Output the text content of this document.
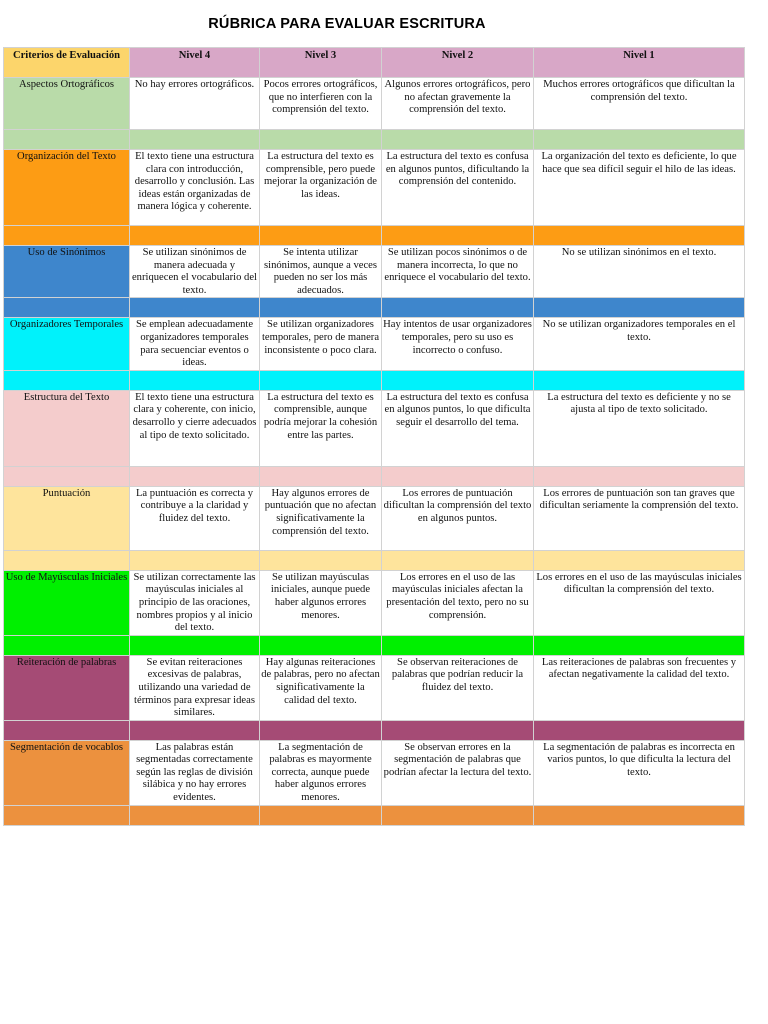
RÚBRICA PARA EVALUAR ESCRITURA
Criterios de Evaluación	Nivel 4	Nivel 3	Nivel 2	Nivel 1
Aspectos Ortográficos	No hay errores ortográficos.	Pocos errores ortográficos, que no interfieren con la comprensión del texto.	Algunos errores ortográficos, pero no afectan gravemente la comprensión del texto.	Muchos errores ortográficos que dificultan la comprensión del texto.

Organización del Texto	El texto tiene una estructura clara con introducción, desarrollo y conclusión. Las ideas están organizadas de manera lógica y coherente.	La estructura del texto es comprensible, pero puede mejorar la organización de las ideas.	La estructura del texto es confusa en algunos puntos, dificultando la comprensión del contenido.	La organización del texto es deficiente, lo que hace que sea difícil seguir el hilo de las ideas.

Uso de Sinónimos	Se utilizan sinónimos de manera adecuada y enriquecen el vocabulario del texto.	Se intenta utilizar sinónimos, aunque a veces pueden no ser los más adecuados.	Se utilizan pocos sinónimos o de manera incorrecta, lo que no enriquece el vocabulario del texto.	No se utilizan sinónimos en el texto.

Organizadores Temporales	Se emplean adecuadamente organizadores temporales para secuenciar eventos o ideas.	Se utilizan organizadores temporales, pero de manera inconsistente o poco clara.	Hay intentos de usar organizadores temporales, pero su uso es incorrecto o confuso.	No se utilizan organizadores temporales en el texto.

Estructura del Texto	El texto tiene una estructura clara y coherente, con inicio, desarrollo y cierre adecuados al tipo de texto solicitado.	La estructura del texto es comprensible, aunque podría mejorar la cohesión entre las partes.	La estructura del texto es confusa en algunos puntos, lo que dificulta seguir el desarrollo del tema.	La estructura del texto es deficiente y no se ajusta al tipo de texto solicitado.

Puntuación	La puntuación es correcta y contribuye a la claridad y fluidez del texto.	Hay algunos errores de puntuación que no afectan significativamente la comprensión del texto.	Los errores de puntuación dificultan la comprensión del texto en algunos puntos.	Los errores de puntuación son tan graves que dificultan seriamente la comprensión del texto.

Uso de Mayúsculas Iniciales	Se utilizan correctamente las mayúsculas iniciales al principio de las oraciones, nombres propios y al inicio del texto.	Se utilizan mayúsculas iniciales, aunque puede haber algunos errores menores.	Los errores en el uso de las mayúsculas iniciales afectan la presentación del texto, pero no su comprensión.	Los errores en el uso de las mayúsculas iniciales dificultan la comprensión del texto.

Reiteración de palabras	Se evitan reiteraciones excesivas de palabras, utilizando una variedad de términos para expresar ideas similares.	Hay algunas reiteraciones de palabras, pero no afectan significativamente la calidad del texto.	Se observan reiteraciones de palabras que podrían reducir la fluidez del texto.	Las reiteraciones de palabras son frecuentes y afectan negativamente la calidad del texto.

Segmentación de vocablos	Las palabras están segmentadas correctamente según las reglas de división silábica y no hay errores evidentes.	La segmentación de palabras es mayormente correcta, aunque puede haber algunos errores menores.	Se observan errores en la segmentación de palabras que podrían afectar la lectura del texto.	La segmentación de palabras es incorrecta en varios puntos, lo que dificulta la lectura del texto.
